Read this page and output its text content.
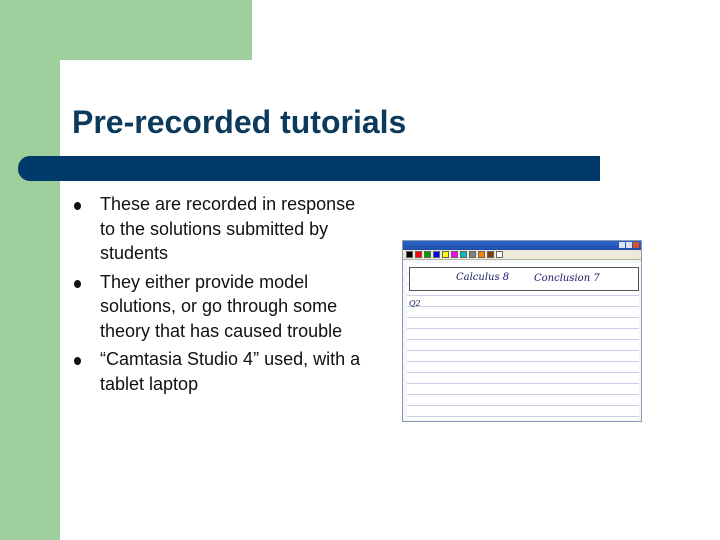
Pre-recorded tutorials
These are recorded in response to the solutions submitted by students
They either provide model solutions, or go through some theory that has caused trouble
“Camtasia Studio 4” used, with a tablet laptop
Calculus 8 Conclusion 7
Q2
